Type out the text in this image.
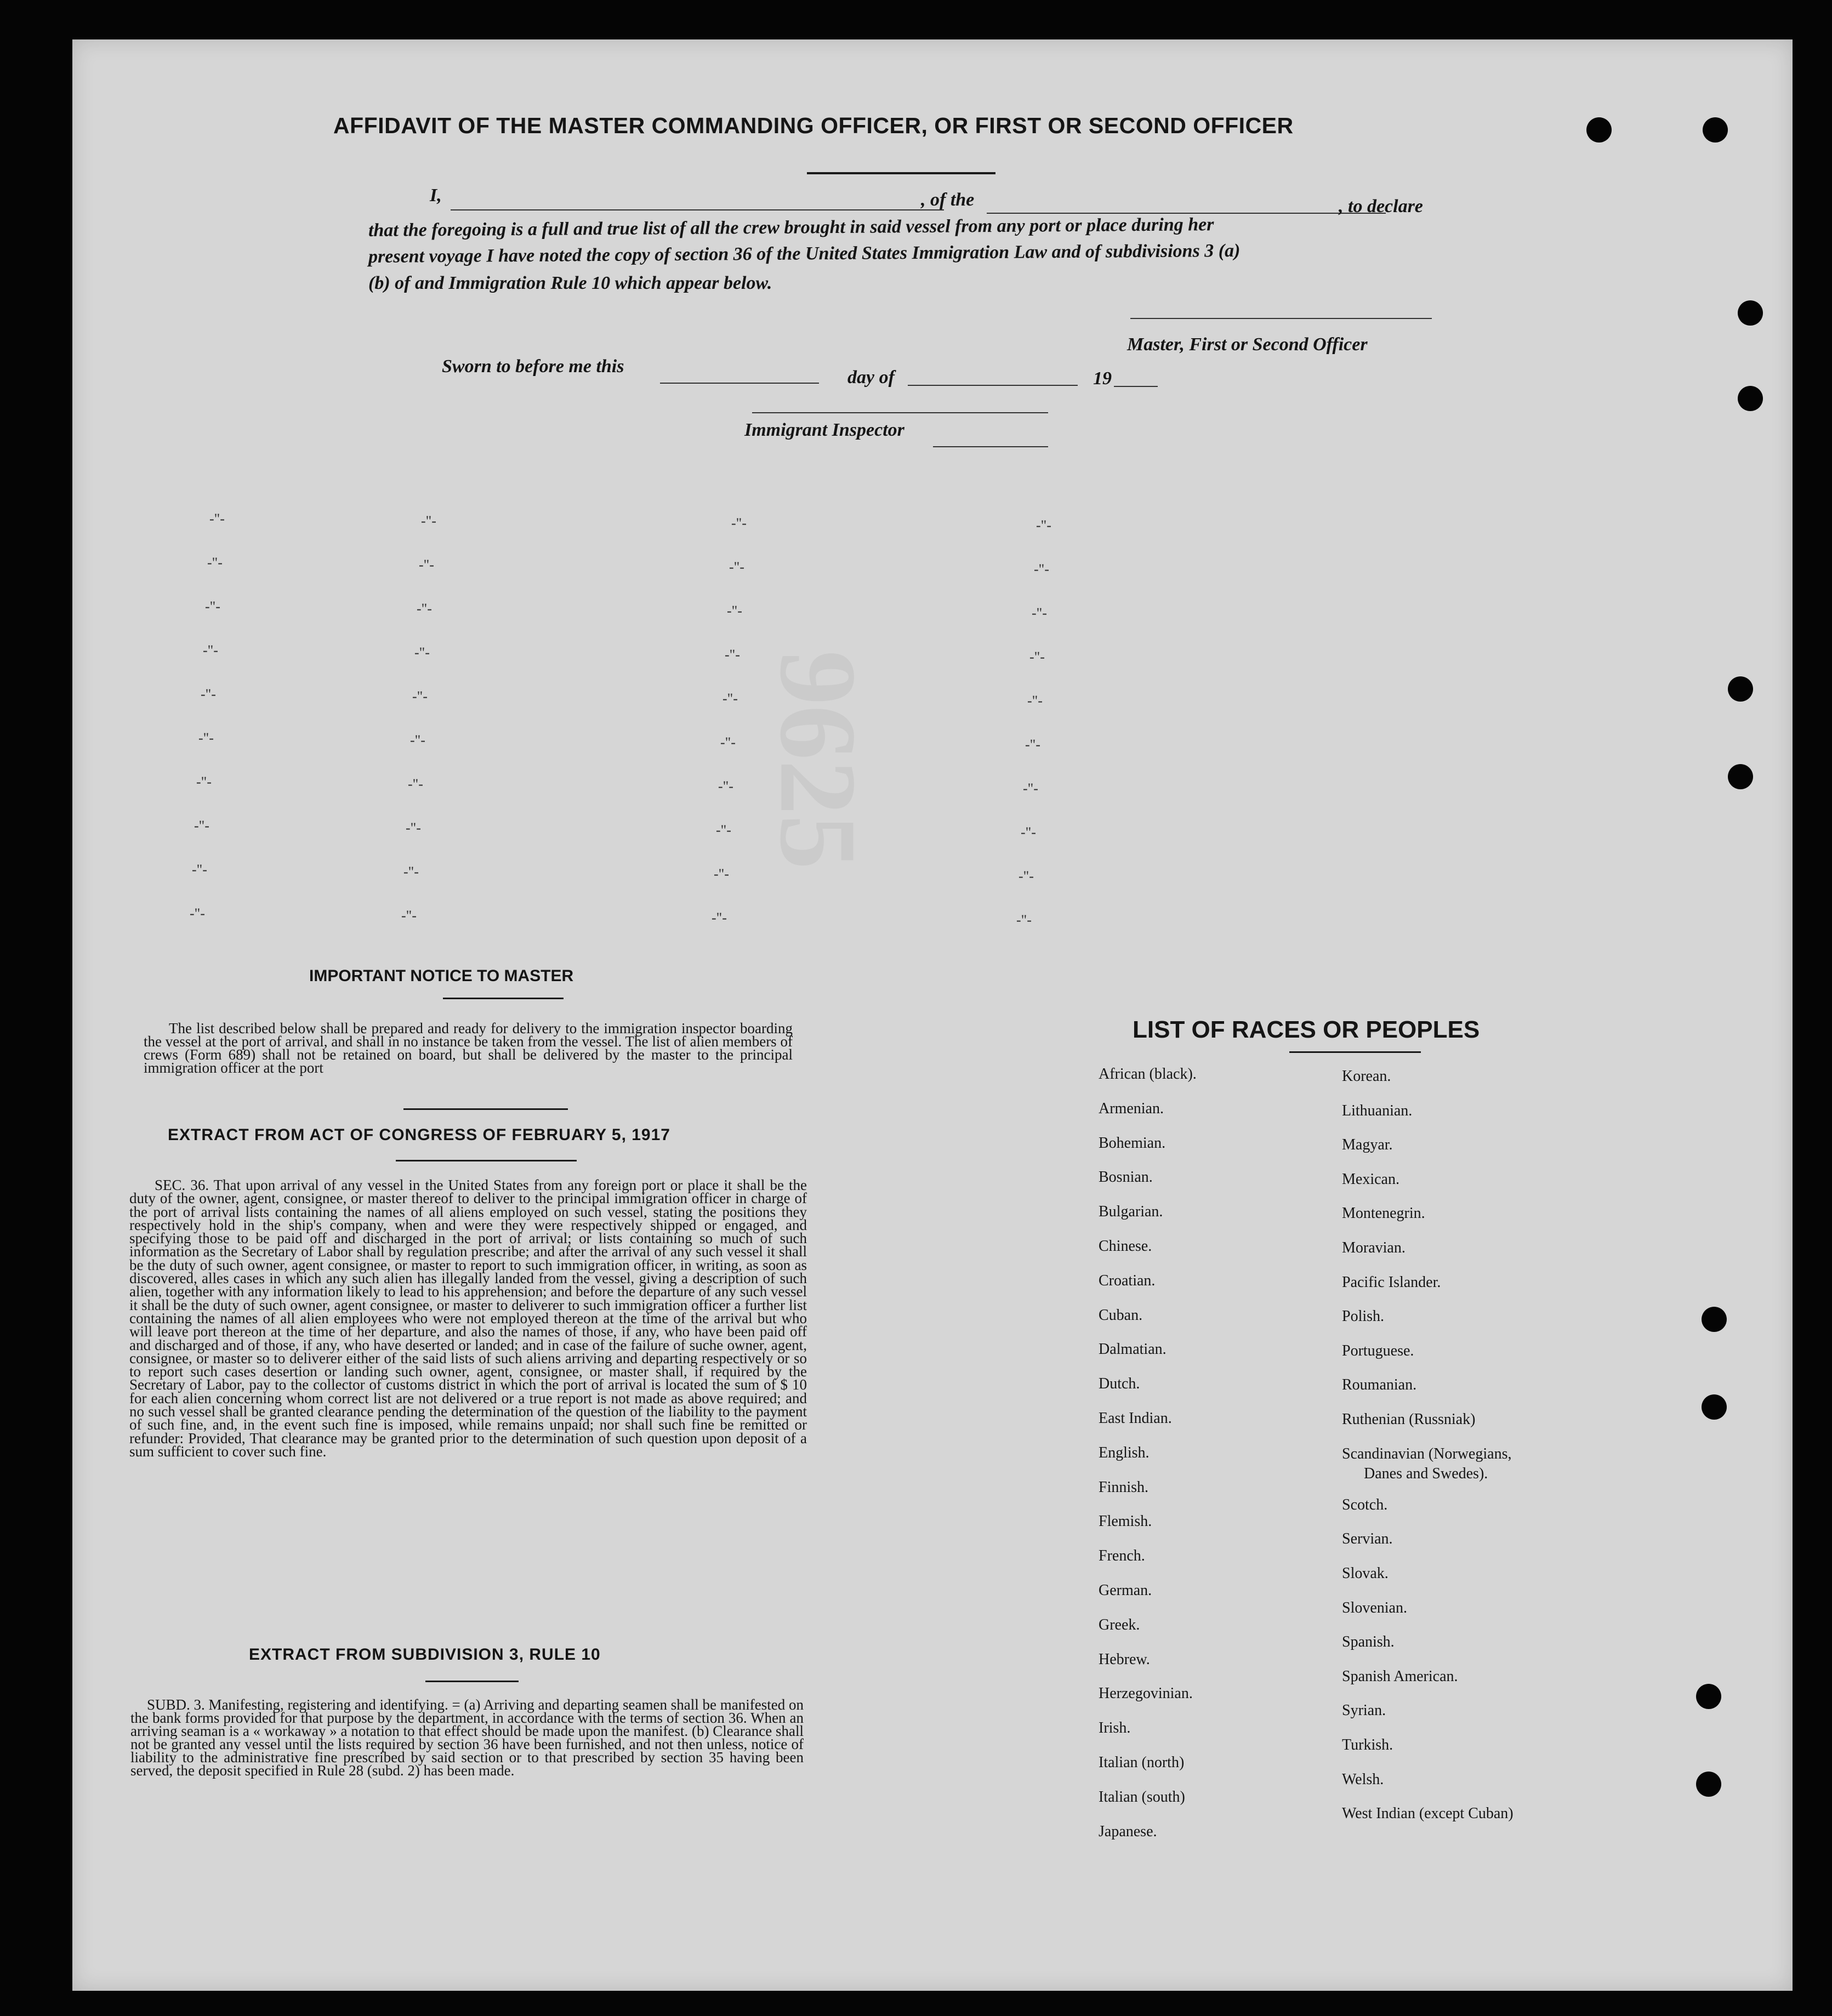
9625
AFFIDAVIT OF THE MASTER COMMANDING OFFICER, OR FIRST OR SECOND OFFICER
I,	, of the	, to declare
that the foregoing is a full and true list of all the crew brought in said vessel from any port or place during her
present voyage I have noted the copy of section 36 of the United States Immigration Law and of subdivisions 3 (a)
(b) of and Immigration Rule 10 which appear below.
Master, First or Second Officer
Sworn to before me this
day of	19
Immigrant Inspector
-"-	-"-	-"-	-"-
-"-	-"-	-"-	-"-
-"-	-"-	-"-	-"-
-"-	-"-	-"-	-"-
-"-	-"-	-"-	-"-
-"-	-"-	-"-	-"-
-"-	-"-	-"-	-"-
-"-	-"-	-"-	-"-
-"-	-"-	-"-	-"-
-"-	-"-	-"-	-"-
IMPORTANT NOTICE TO MASTER
The list described below shall be prepared and ready for delivery to the immigration inspector boarding the vessel at the port of arrival, and shall in no instance be taken from the vessel. The list of alien members of crews (Form 689) shall not be retained on board, but shall be delivered by the master to the principal immigration officer at the port
EXTRACT FROM ACT OF CONGRESS OF FEBRUARY 5, 1917
SEC. 36. That upon arrival of any vessel in the United States from any foreign port or place it shall be the duty of the owner, agent, consignee, or master thereof to deliver to the principal immigration officer in charge of the port of arrival lists containing the names of all aliens employed on such vessel, stating the positions they respectively hold in the ship's company, when and were they were respectively shipped or engaged, and specifying those to be paid off and discharged in the port of arrival; or lists containing so much of such information as the Secretary of Labor shall by regulation prescribe; and after the arrival of any such vessel it shall be the duty of such owner, agent consignee, or master to report to such immigration officer, in writing, as soon as discovered, alles cases in which any such alien has illegally landed from the vessel, giving a description of such alien, together with any information likely to lead to his apprehension; and before the departure of any such vessel it shall be the duty of such owner, agent consignee, or master to deliverer to such immigration officer a further list containing the names of all alien employees who were not employed thereon at the time of the arrival but who will leave port thereon at the time of her departure, and also the names of those, if any, who have been paid off and discharged and of those, if any, who have deserted or landed; and in case of the failure of suche owner, agent, consignee, or master so to deliverer either of the said lists of such aliens arriving and departing respectively or so to report such cases desertion or landing such owner, agent, consignee, or master shall, if required by the Secretary of Labor, pay to the collector of customs district in which the port of arrival is located the sum of $ 10 for each alien concerning whom correct list are not delivered or a true report is not made as above required; and no such vessel shall be granted clearance pending the determination of the question of the liability to the payment of such fine, and, in the event such fine is imposed, while remains unpaid; nor shall such fine be remitted or refunder: Provided, That clearance may be granted prior to the determination of such question upon deposit of a sum sufficient to cover such fine.
EXTRACT FROM SUBDIVISION 3, RULE 10
SUBD. 3. Manifesting, registering and identifying. = (a) Arriving and departing seamen shall be manifested on the bank forms provided for that purpose by the department, in accordance with the terms of section 36. When an arriving seaman is a « workaway » a notation to that effect should be made upon the manifest. (b) Clearance shall not be granted any vessel until the lists required by section 36 have been furnished, and not then unless, notice of liability to the administrative fine prescribed by said section or to that prescribed by section 35 having been served, the deposit specified in Rule 28 (subd. 2) has been made.
LIST OF RACES OR PEOPLES
African (black).
Armenian.
Bohemian.
Bosnian.
Bulgarian.
Chinese.
Croatian.
Cuban.
Dalmatian.
Dutch.
East Indian.
English.
Finnish.
Flemish.
French.
German.
Greek.
Hebrew.
Herzegovinian.
Irish.
Italian (north)
Italian (south)
Japanese.
Korean.
Lithuanian.
Magyar.
Mexican.
Montenegrin.
Moravian.
Pacific Islander.
Polish.
Portuguese.
Roumanian.
Ruthenian (Russniak)
Scandinavian (Norwegians,
Danes and Swedes).
Scotch.
Servian.
Slovak.
Slovenian.
Spanish.
Spanish American.
Syrian.
Turkish.
Welsh.
West Indian (except Cuban)
